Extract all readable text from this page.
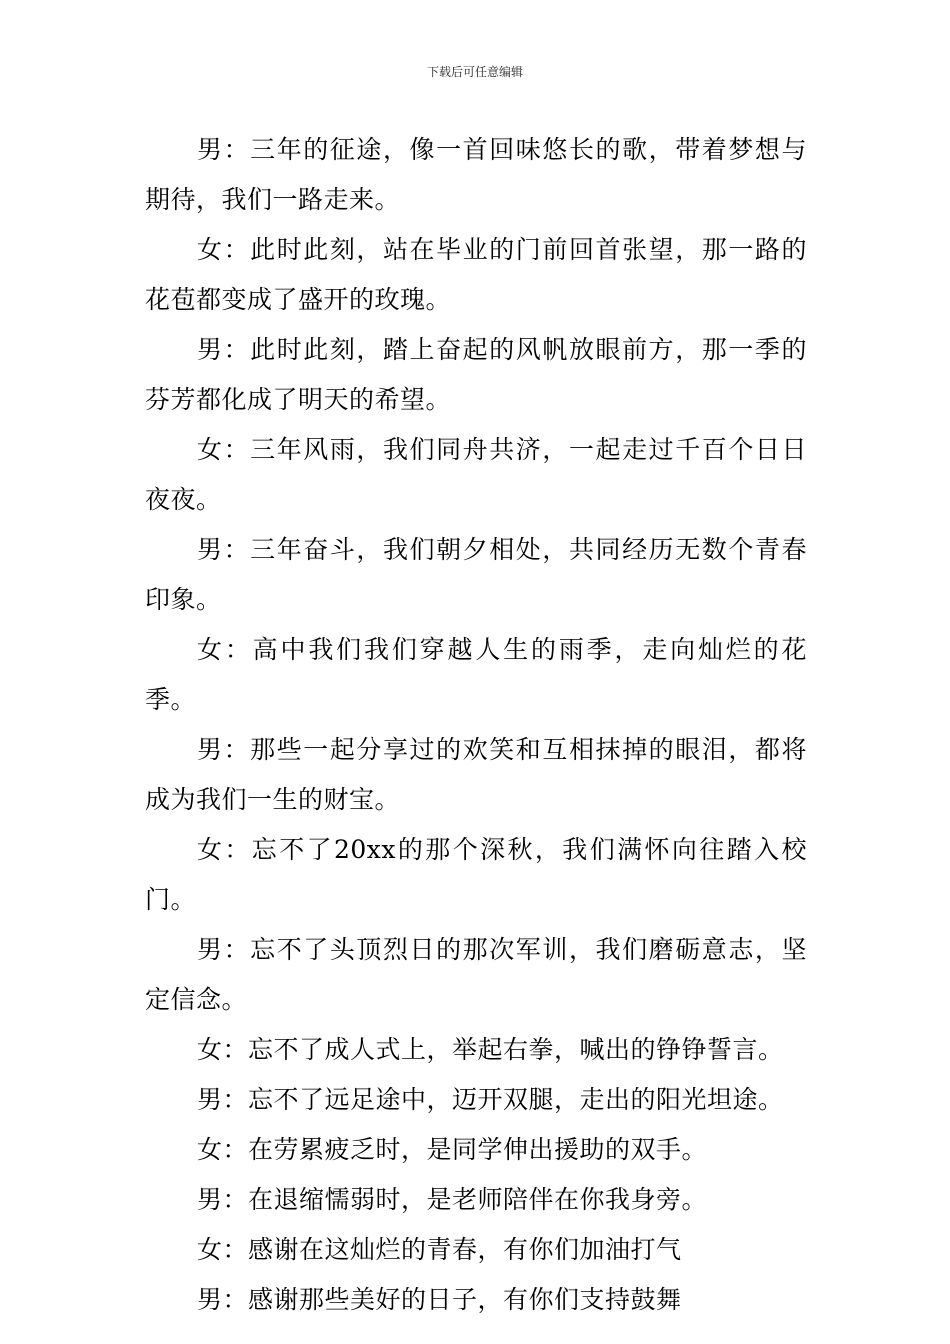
下载后可任意编辑

男：三年的征途，像一首回味悠长的歌，带着梦想与期待，我们一路走来。

女：此时此刻，站在毕业的门前回首张望，那一路的花苞都变成了盛开的玫瑰。

男：此时此刻，踏上奋起的风帆放眼前方，那一季的芬芳都化成了明天的希望。

女：三年风雨，我们同舟共济，一起走过千百个日日夜夜。

男：三年奋斗，我们朝夕相处，共同经历无数个青春印象。

女：高中我们我们穿越人生的雨季，走向灿烂的花季。

男：那些一起分享过的欢笑和互相抹掉的眼泪，都将成为我们一生的财宝。

女：忘不了20xx的那个深秋，我们满怀向往踏入校门。

男：忘不了头顶烈日的那次军训，我们磨砺意志，坚定信念。

女：忘不了成人式上，举起右拳，喊出的铮铮誓言。

男：忘不了远足途中，迈开双腿，走出的阳光坦途。

女：在劳累疲乏时，是同学伸出援助的双手。

男：在退缩懦弱时，是老师陪伴在你我身旁。

女：感谢在这灿烂的青春，有你们加油打气

男：感谢那些美好的日子，有你们支持鼓舞
